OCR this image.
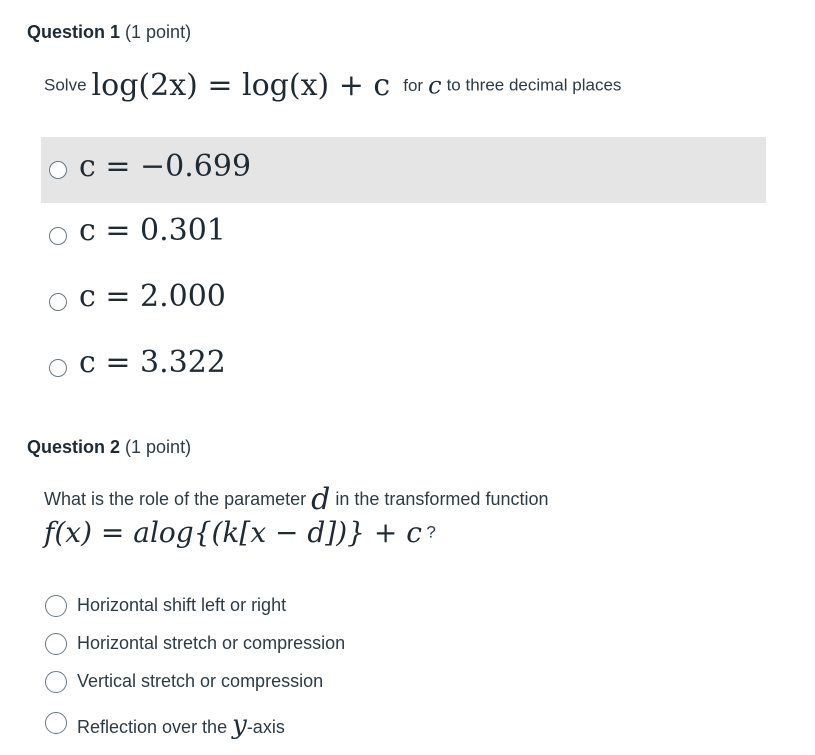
Question 1 (1 point)
Solve log(2x) = log(x) + c for c to three decimal places
c = −0.699
c = 0.301
c = 2.000
c = 3.322
Question 2 (1 point)
What is the role of the parameter d in the transformed function
f(x) = alog{(k[x − d])} + c ?
Horizontal shift left or right
Horizontal stretch or compression
Vertical stretch or compression
Reflection over the y-axis
